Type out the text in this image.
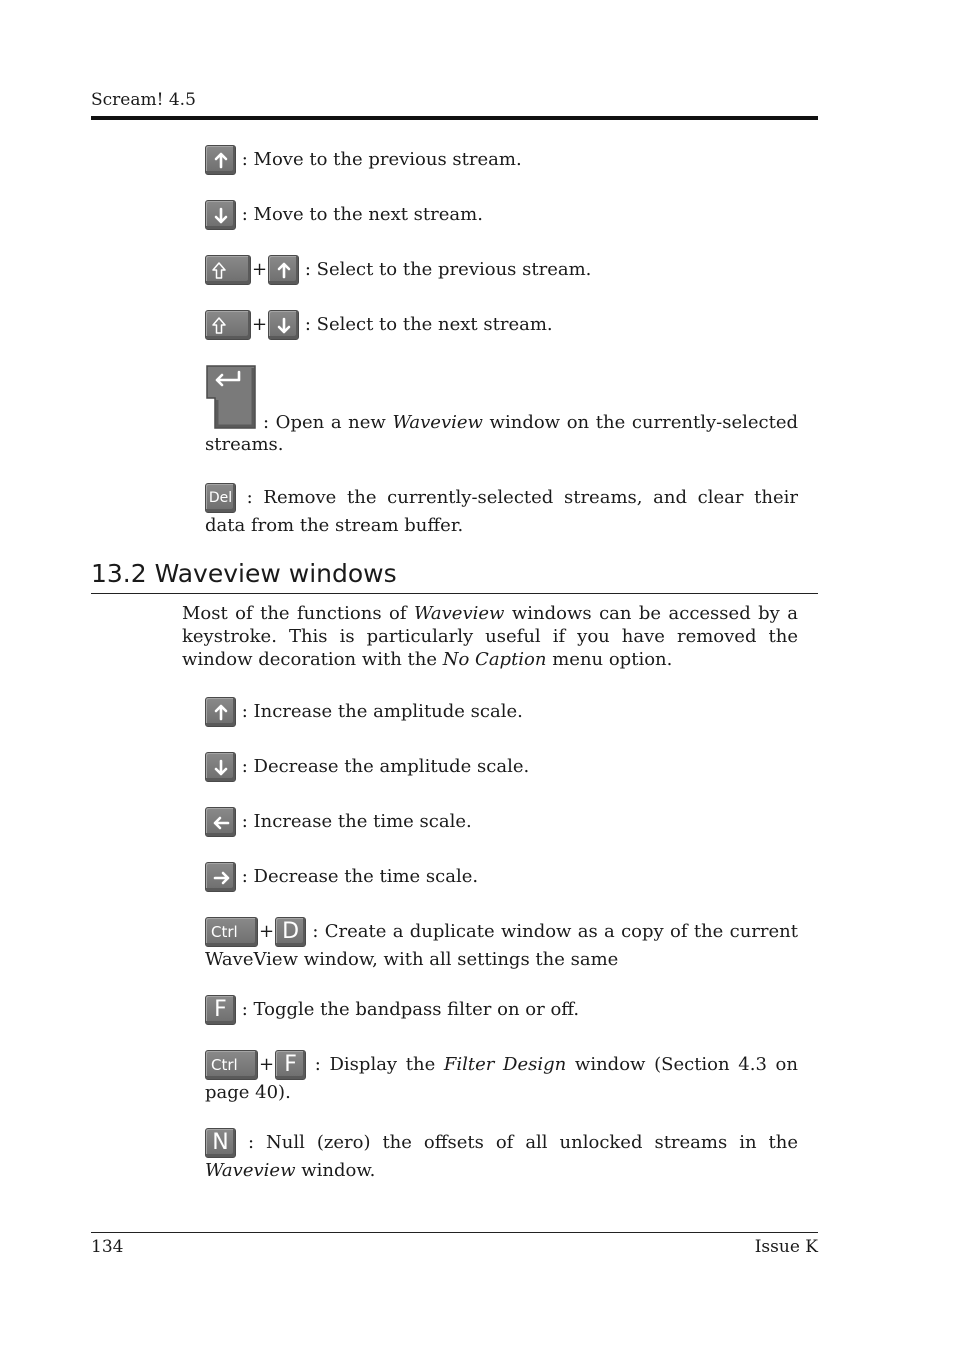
Scream! 4.5
: Move to the previous stream.
: Move to the next stream.
+ : Select to the previous stream.
+ : Select to the next stream.
: Open a new Waveview window on the currently-selected streams.
Del : Remove the currently-selected streams, and clear their data from the stream buffer.
13.2 Waveview windows
Most of the functions of Waveview windows can be accessed by a keystroke. This is particularly useful if you have removed the window decoration with the No Caption menu option.
: Increase the amplitude scale.
: Decrease the amplitude scale.
: Increase the time scale.
: Decrease the time scale.
Ctrl + D : Create a duplicate window as a copy of the current WaveView window, with all settings the same
F : Toggle the bandpass filter on or off.
Ctrl + F : Display the Filter Design window (Section 4.3 on page 40).
N : Null (zero) the offsets of all unlocked streams in the Waveview window.
134	Issue K
